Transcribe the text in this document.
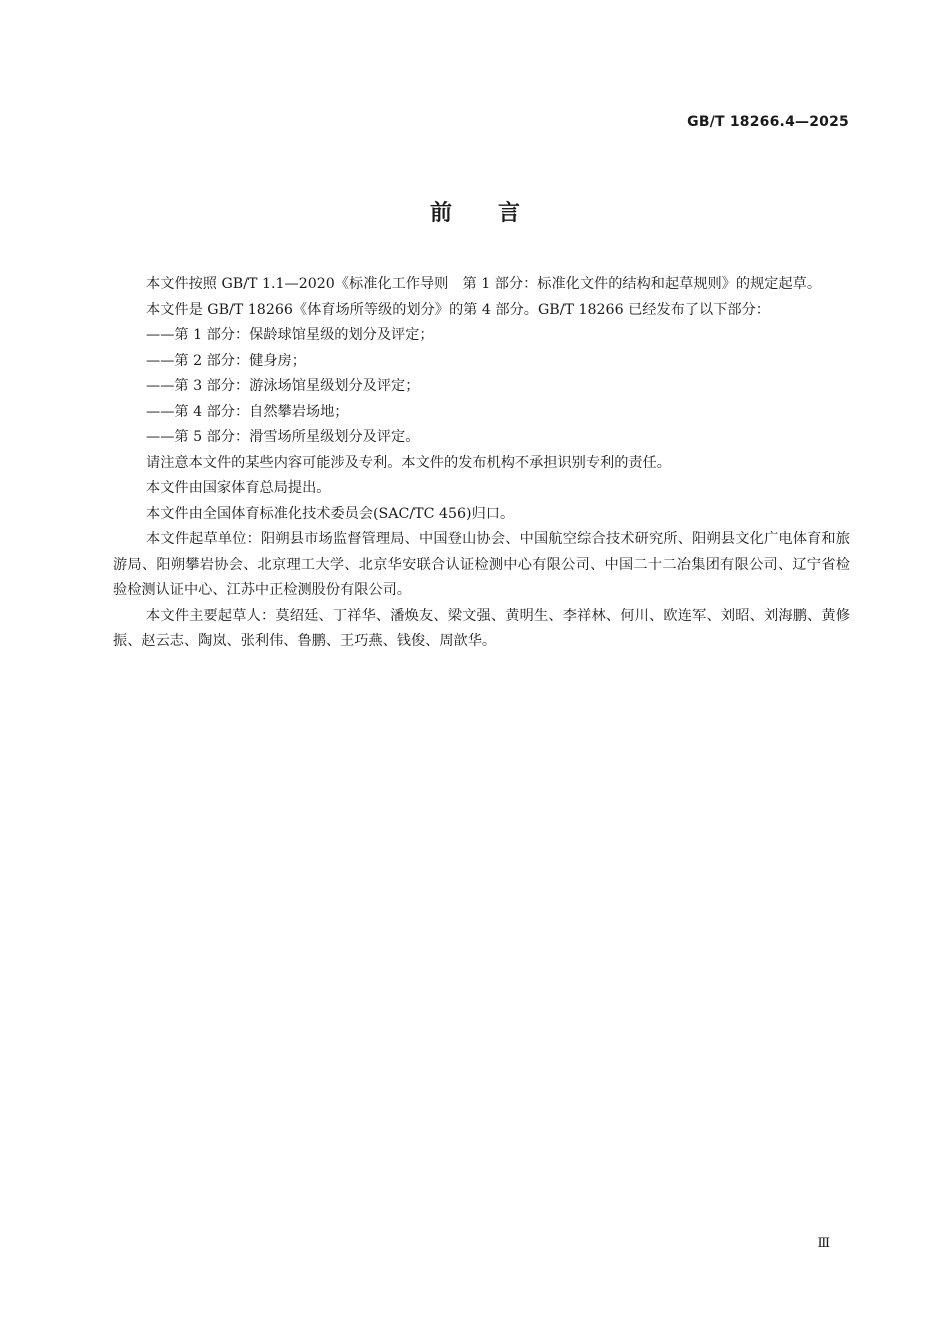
GB/T 18266.4—2025
前 言

本文件按照 GB/T 1.1—2020《标准化工作导则　第 1 部分：标准化文件的结构和起草规则》的规定起草。

本文件是 GB/T 18266《体育场所等级的划分》的第 4 部分。GB/T 18266 已经发布了以下部分：

——第 1 部分：保龄球馆星级的划分及评定；

——第 2 部分：健身房；

——第 3 部分：游泳场馆星级划分及评定；

——第 4 部分：自然攀岩场地；

——第 5 部分：滑雪场所星级划分及评定。

请注意本文件的某些内容可能涉及专利。本文件的发布机构不承担识别专利的责任。

本文件由国家体育总局提出。

本文件由全国体育标准化技术委员会(SAC/TC 456)归口。

本文件起草单位：阳朔县市场监督管理局、中国登山协会、中国航空综合技术研究所、阳朔县文化广电体育和旅游局、阳朔攀岩协会、北京理工大学、北京华安联合认证检测中心有限公司、中国二十二冶集团有限公司、辽宁省检验检测认证中心、江苏中正检测股份有限公司。

本文件主要起草人：莫绍廷、丁祥华、潘焕友、梁文强、黄明生、李祥林、何川、欧连军、刘昭、刘海鹏、黄修振、赵云志、陶岚、张利伟、鲁鹏、王巧燕、钱俊、周歆华。

Ⅲ
